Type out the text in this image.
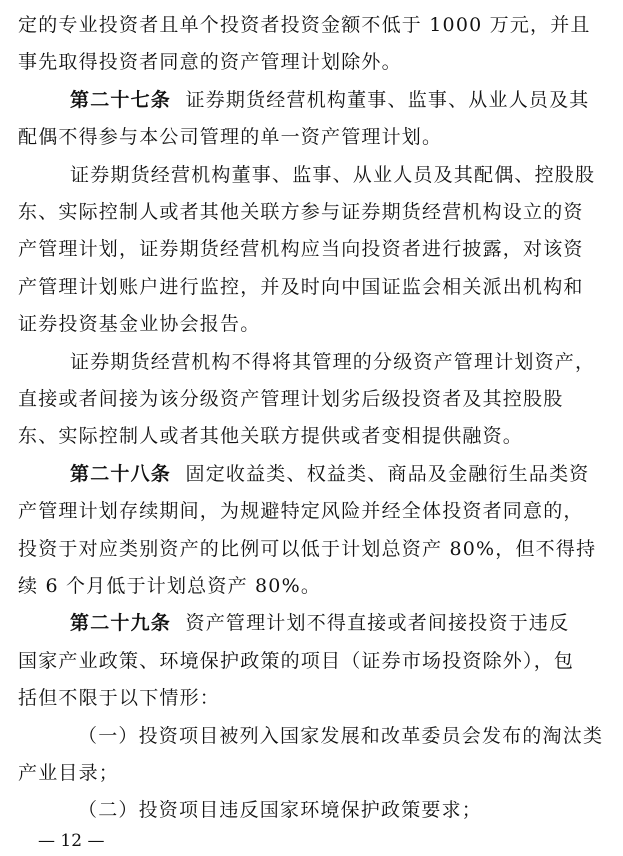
定的专业投资者且单个投资者投资金额不低于 1000 万元，并且
事先取得投资者同意的资产管理计划除外。
第二十七条 证券期货经营机构董事、监事、从业人员及其
配偶不得参与本公司管理的单一资产管理计划。
证券期货经营机构董事、监事、从业人员及其配偶、控股股
东、实际控制人或者其他关联方参与证券期货经营机构设立的资
产管理计划，证券期货经营机构应当向投资者进行披露，对该资
产管理计划账户进行监控，并及时向中国证监会相关派出机构和
证券投资基金业协会报告。
证券期货经营机构不得将其管理的分级资产管理计划资产，
直接或者间接为该分级资产管理计划劣后级投资者及其控股股
东、实际控制人或者其他关联方提供或者变相提供融资。
第二十八条 固定收益类、权益类、商品及金融衍生品类资
产管理计划存续期间，为规避特定风险并经全体投资者同意的，
投资于对应类别资产的比例可以低于计划总资产 80%，但不得持
续 6 个月低于计划总资产 80%。
第二十九条 资产管理计划不得直接或者间接投资于违反
国家产业政策、环境保护政策的项目（证券市场投资除外），包
括但不限于以下情形：
（一）投资项目被列入国家发展和改革委员会发布的淘汰类
产业目录；
（二）投资项目违反国家环境保护政策要求；
— 12 —
